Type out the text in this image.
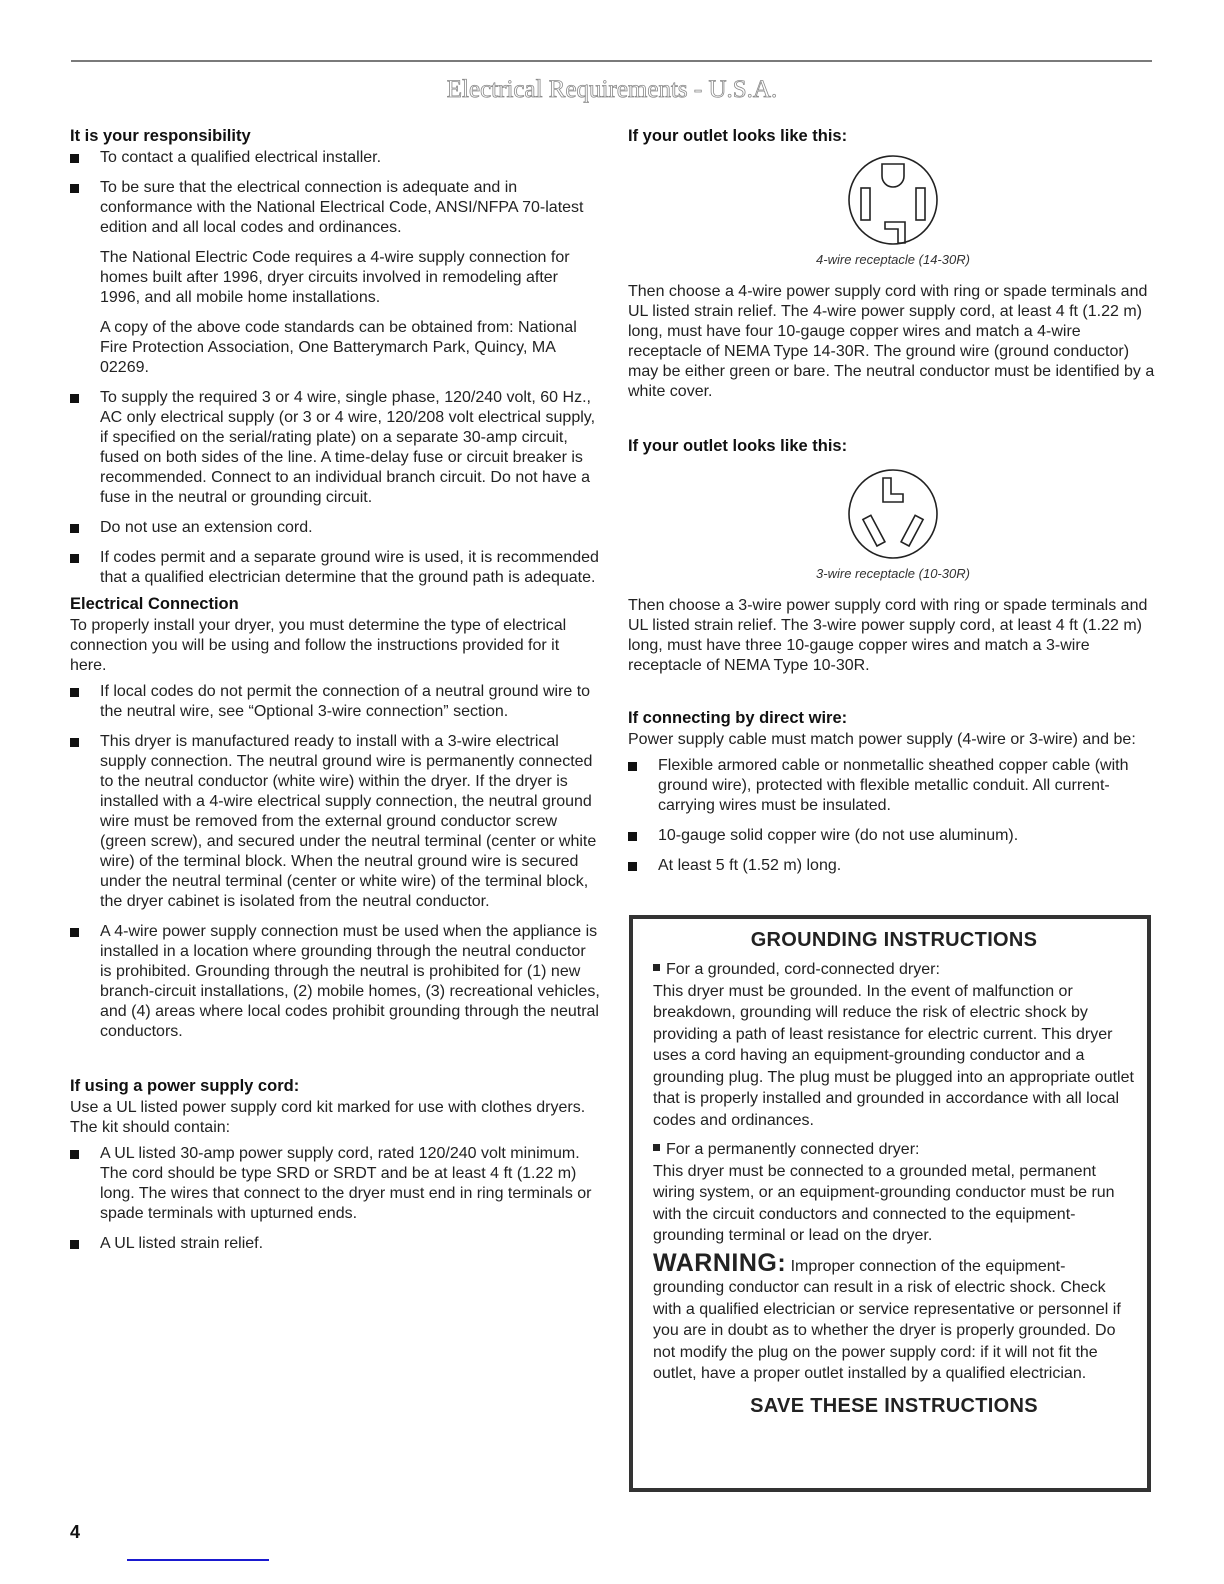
Electrical Requirements - U.S.A.
It is your responsibility
To contact a qualified electrical installer.
To be sure that the electrical connection is adequate and in conformance with the National Electrical Code, ANSI/NFPA 70-latest edition and all local codes and ordinances.
The National Electric Code requires a 4-wire supply connection for homes built after 1996, dryer circuits involved in remodeling after 1996, and all mobile home installations.
A copy of the above code standards can be obtained from: National Fire Protection Association, One Batterymarch Park, Quincy, MA 02269.
To supply the required 3 or 4 wire, single phase, 120/240 volt, 60 Hz., AC only electrical supply (or 3 or 4 wire, 120/208 volt electrical supply, if specified on the serial/rating plate) on a separate 30-amp circuit, fused on both sides of the line. A time-delay fuse or circuit breaker is recommended. Connect to an individual branch circuit. Do not have a fuse in the neutral or grounding circuit.
Do not use an extension cord.
If codes permit and a separate ground wire is used, it is recommended that a qualified electrician determine that the ground path is adequate.
Electrical Connection
To properly install your dryer, you must determine the type of electrical connection you will be using and follow the instructions provided for it here.
If local codes do not permit the connection of a neutral ground wire to the neutral wire, see “Optional 3-wire connection” section.
This dryer is manufactured ready to install with a 3-wire electrical supply connection. The neutral ground wire is permanently connected to the neutral conductor (white wire) within the dryer. If the dryer is installed with a 4-wire electrical supply connection, the neutral ground wire must be removed from the external ground conductor screw (green screw), and secured under the neutral terminal (center or white wire) of the terminal block. When the neutral ground wire is secured under the neutral terminal (center or white wire) of the terminal block, the dryer cabinet is isolated from the neutral conductor.
A 4-wire power supply connection must be used when the appliance is installed in a location where grounding through the neutral conductor is prohibited. Grounding through the neutral is prohibited for (1) new branch-circuit installations, (2) mobile homes, (3) recreational vehicles, and (4) areas where local codes prohibit grounding through the neutral conductors.
If using a power supply cord:
Use a UL listed power supply cord kit marked for use with clothes dryers. The kit should contain:
A UL listed 30-amp power supply cord, rated 120/240 volt minimum. The cord should be type SRD or SRDT and be at least 4 ft (1.22 m) long. The wires that connect to the dryer must end in ring terminals or spade terminals with upturned ends.
A UL listed strain relief.
If your outlet looks like this:
4-wire receptacle (14-30R)
Then choose a 4-wire power supply cord with ring or spade terminals and UL listed strain relief. The 4-wire power supply cord, at least 4 ft (1.22 m) long, must have four 10-gauge copper wires and match a 4-wire receptacle of NEMA Type 14-30R. The ground wire (ground conductor) may be either green or bare. The neutral conductor must be identified by a white cover.
If your outlet looks like this:
3-wire receptacle (10-30R)
Then choose a 3-wire power supply cord with ring or spade terminals and UL listed strain relief. The 3-wire power supply cord, at least 4 ft (1.22 m) long, must have three 10-gauge copper wires and match a 3-wire receptacle of NEMA Type 10-30R.
If connecting by direct wire:
Power supply cable must match power supply (4-wire or 3-wire) and be:
Flexible armored cable or nonmetallic sheathed copper cable (with ground wire), protected with flexible metallic conduit. All current-carrying wires must be insulated.
10-gauge solid copper wire (do not use aluminum).
At least 5 ft (1.52 m) long.
GROUNDING INSTRUCTIONS
For a grounded, cord-connected dryer:
This dryer must be grounded. In the event of malfunction or breakdown, grounding will reduce the risk of electric shock by providing a path of least resistance for electric current. This dryer uses a cord having an equipment-grounding conductor and a grounding plug. The plug must be plugged into an appropriate outlet that is properly installed and grounded in accordance with all local codes and ordinances.
For a permanently connected dryer:
This dryer must be connected to a grounded metal, permanent wiring system, or an equipment-grounding conductor must be run with the circuit conductors and connected to the equipment-grounding terminal or lead on the dryer.
WARNING: Improper connection of the equipment-grounding conductor can result in a risk of electric shock. Check with a qualified electrician or service representative or personnel if you are in doubt as to whether the dryer is properly grounded. Do not modify the plug on the power supply cord: if it will not fit the outlet, have a proper outlet installed by a qualified electrician.
SAVE THESE INSTRUCTIONS
4
